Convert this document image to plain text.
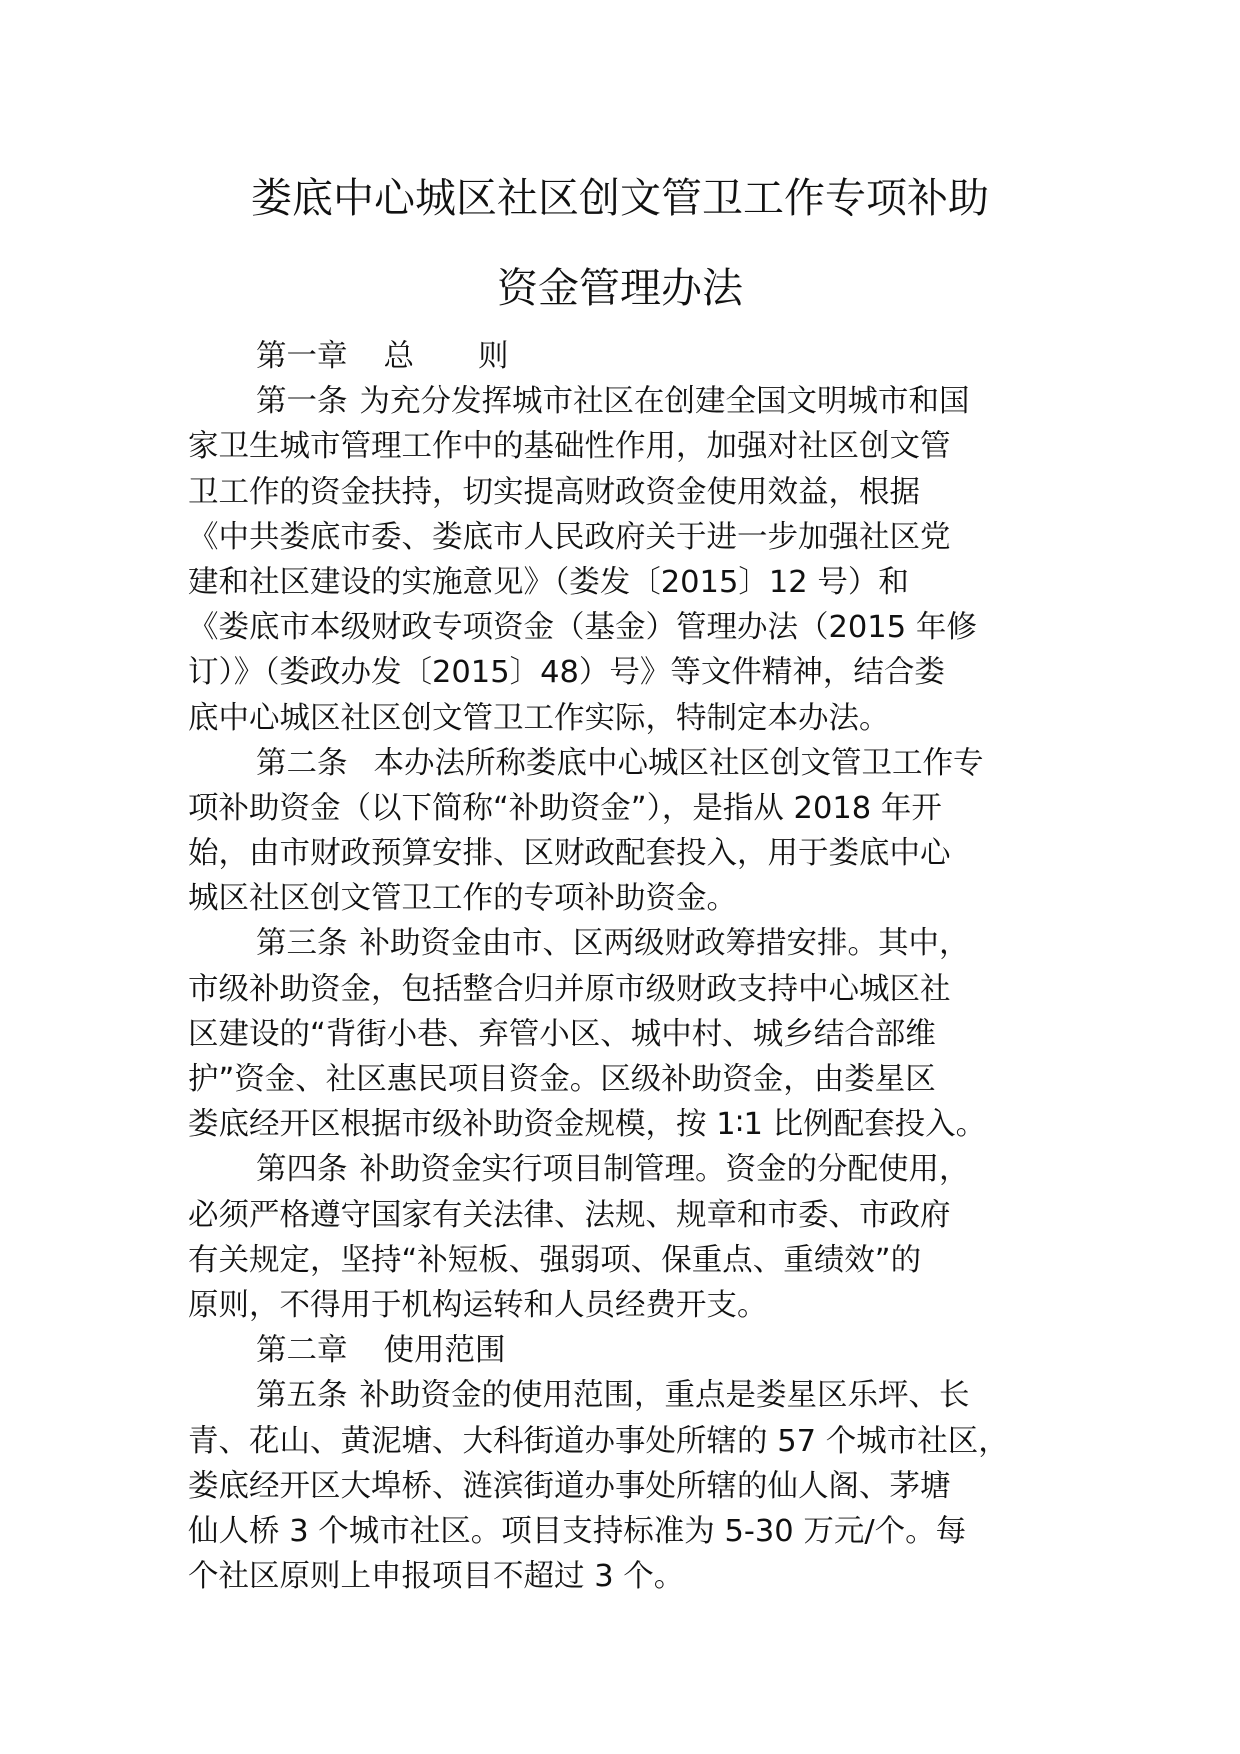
娄底中心城区社区创文管卫工作专项补助
资金管理办法
第一章 总 则
第一条 为充分发挥城市社区在创建全国文明城市和国
家卫生城市管理工作中的基础性作用，加强对社区创文管
卫工作的资金扶持，切实提高财政资金使用效益，根据
《中共娄底市委、娄底市人民政府关于进一步加强社区党
建和社区建设的实施意见》（娄发〔2015〕12 号）和
《娄底市本级财政专项资金（基金）管理办法（2015 年修
订）》（娄政办发〔2015〕48）号》等文件精神，结合娄
底中心城区社区创文管卫工作实际，特制定本办法。
第二条 本办法所称娄底中心城区社区创文管卫工作专
项补助资金（以下简称“补助资金”），是指从 2018 年开
始，由市财政预算安排、区财政配套投入，用于娄底中心
城区社区创文管卫工作的专项补助资金。
第三条 补助资金由市、区两级财政筹措安排。其中，
市级补助资金，包括整合归并原市级财政支持中心城区社
区建设的“背街小巷、弃管小区、城中村、城乡结合部维
护”资金、社区惠民项目资金。区级补助资金，由娄星区
娄底经开区根据市级补助资金规模，按 1∶1 比例配套投入。
第四条 补助资金实行项目制管理。资金的分配使用，
必须严格遵守国家有关法律、法规、规章和市委、市政府
有关规定，坚持“补短板、强弱项、保重点、重绩效”的
原则，不得用于机构运转和人员经费开支。
第二章 使用范围
第五条 补助资金的使用范围，重点是娄星区乐坪、长
青、花山、黄泥塘、大科街道办事处所辖的 57 个城市社区，
娄底经开区大埠桥、涟滨街道办事处所辖的仙人阁、茅塘
仙人桥 3 个城市社区。项目支持标准为 5-30 万元/个。每
个社区原则上申报项目不超过 3 个。
